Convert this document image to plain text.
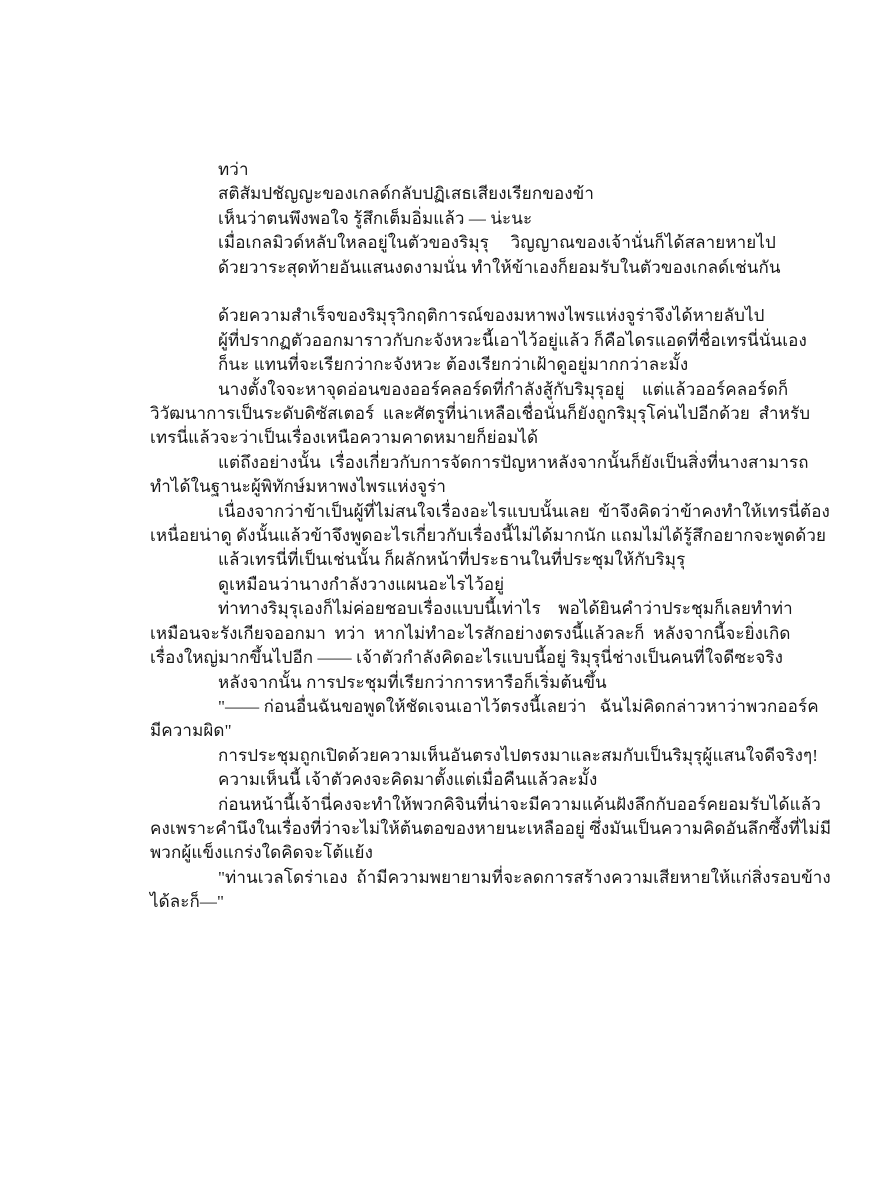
ทว่า
สติสัมปชัญญะของเกลด์กลับปฏิเสธเสียงเรียกของข้า
เห็นว่าตนพึงพอใจ รู้สึกเต็มอิ่มแล้ว — น่ะนะ
เมื่อเกลมิวด์หลับใหลอยู่ในตัวของริมุรุ     วิญญาณของเจ้านั่นก็ได้สลายหายไป
ด้วยวาระสุดท้ายอันแสนงดงามนั่น ทำให้ข้าเองก็ยอมรับในตัวของเกลด์เช่นกัน
ด้วยความสำเร็จของริมุรุวิกฤติการณ์ของมหาพงไพรแห่งจูร่าจึงได้หายลับไป
ผู้ที่ปรากฏตัวออกมาราวกับกะจังหวะนี้เอาไว้อยู่แล้ว ก็คือไดรแอดที่ชื่อเทรนี่นั่นเอง
ก็นะ แทนที่จะเรียกว่ากะจังหวะ ต้องเรียกว่าเฝ้าดูอยู่มากกว่าละมั้ง
นางตั้งใจจะหาจุดอ่อนของออร์คลอร์ดที่กำลังสู้กับริมุรุอยู่    แต่แล้วออร์คลอร์ดก็
วิวัฒนาการเป็นระดับดิซัสเตอร์  และศัตรูที่น่าเหลือเชื่อนั่นก็ยังถูกริมุรุโค่นไปอีกด้วย  สำหรับ
เทรนี่แล้วจะว่าเป็นเรื่องเหนือความคาดหมายก็ย่อมได้
แต่ถึงอย่างนั้น  เรื่องเกี่ยวกับการจัดการปัญหาหลังจากนั้นก็ยังเป็นสิ่งที่นางสามารถ
ทำได้ในฐานะผู้พิทักษ์มหาพงไพรแห่งจูร่า
เนื่องจากว่าข้าเป็นผู้ที่ไม่สนใจเรื่องอะไรแบบนั้นเลย  ข้าจึงคิดว่าข้าคงทำให้เทรนี่ต้อง
เหนื่อยน่าดู ดังนั้นแล้วข้าจึงพูดอะไรเกี่ยวกับเรื่องนี้ไม่ได้มากนัก แถมไม่ได้รู้สึกอยากจะพูดด้วย
แล้วเทรนี่ที่เป็นเช่นนั้น ก็ผลักหน้าที่ประธานในที่ประชุมให้กับริมุรุ
ดูเหมือนว่านางกำลังวางแผนอะไรไว้อยู่
ท่าทางริมุรุเองก็ไม่ค่อยชอบเรื่องแบบนี้เท่าไร    พอได้ยินคำว่าประชุมก็เลยทำท่า
เหมือนจะรังเกียจออกมา  ทว่า  หากไม่ทำอะไรสักอย่างตรงนี้แล้วละก็  หลังจากนี้จะยิ่งเกิด
เรื่องใหญ่มากขึ้นไปอีก —— เจ้าตัวกำลังคิดอะไรแบบนี้อยู่ ริมุรุนี่ช่างเป็นคนที่ใจดีซะจริง
หลังจากนั้น การประชุมที่เรียกว่าการหารือก็เริ่มต้นขึ้น
"—— ก่อนอื่นฉันขอพูดให้ชัดเจนเอาไว้ตรงนี้เลยว่า   ฉันไม่คิดกล่าวหาว่าพวกออร์ค
มีความผิด"
การประชุมถูกเปิดด้วยความเห็นอันตรงไปตรงมาและสมกับเป็นริมุรุผู้แสนใจดีจริงๆ!
ความเห็นนี้ เจ้าตัวคงจะคิดมาตั้งแต่เมื่อคืนแล้วละมั้ง
ก่อนหน้านี้เจ้านี่คงจะทำให้พวกคิจินที่น่าจะมีความแค้นฝังลึกกับออร์คยอมรับได้แล้ว
คงเพราะคำนึงในเรื่องที่ว่าจะไม่ให้ต้นตอของหายนะเหลืออยู่ ซึ่งมันเป็นความคิดอันลึกซึ้งที่ไม่มี
พวกผู้แข็งแกร่งใดคิดจะโต้แย้ง
"ท่านเวลโดร่าเอง  ถ้ามีความพยายามที่จะลดการสร้างความเสียหายให้แก่สิ่งรอบข้าง
ได้ละก็—"
